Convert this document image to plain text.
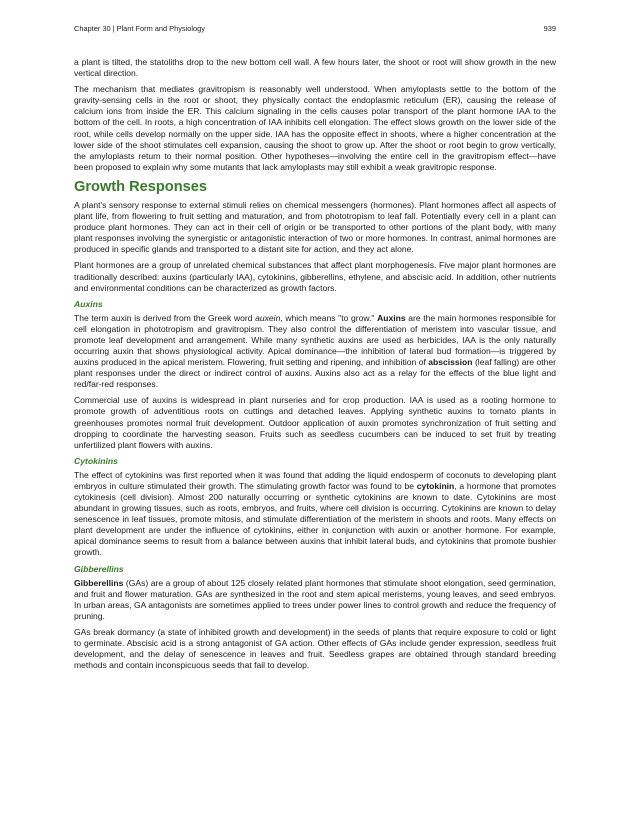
Chapter 30 | Plant Form and Physiology	939

a plant is tilted, the statoliths drop to the new bottom cell wall. A few hours later, the shoot or root will show growth in the new vertical direction.

The mechanism that mediates gravitropism is reasonably well understood. When amyloplasts settle to the bottom of the gravity-sensing cells in the root or shoot, they physically contact the endoplasmic reticulum (ER), causing the release of calcium ions from inside the ER. This calcium signaling in the cells causes polar transport of the plant hormone IAA to the bottom of the cell. In roots, a high concentration of IAA inhibits cell elongation. The effect slows growth on the lower side of the root, while cells develop normally on the upper side. IAA has the opposite effect in shoots, where a higher concentration at the lower side of the shoot stimulates cell expansion, causing the shoot to grow up. After the shoot or root begin to grow vertically, the amyloplasts return to their normal position. Other hypotheses—involving the entire cell in the gravitropism effect—have been proposed to explain why some mutants that lack amyloplasts may still exhibit a weak gravitropic response.

Growth Responses

A plant's sensory response to external stimuli relies on chemical messengers (hormones). Plant hormones affect all aspects of plant life, from flowering to fruit setting and maturation, and from phototropism to leaf fall. Potentially every cell in a plant can produce plant hormones. They can act in their cell of origin or be transported to other portions of the plant body, with many plant responses involving the synergistic or antagonistic interaction of two or more hormones. In contrast, animal hormones are produced in specific glands and transported to a distant site for action, and they act alone.

Plant hormones are a group of unrelated chemical substances that affect plant morphogenesis. Five major plant hormones are traditionally described: auxins (particularly IAA), cytokinins, gibberellins, ethylene, and abscisic acid. In addition, other nutrients and environmental conditions can be characterized as growth factors.

Auxins

The term auxin is derived from the Greek word auxein, which means "to grow." Auxins are the main hormones responsible for cell elongation in phototropism and gravitropism. They also control the differentiation of meristem into vascular tissue, and promote leaf development and arrangement. While many synthetic auxins are used as herbicides, IAA is the only naturally occurring auxin that shows physiological activity. Apical dominance—the inhibition of lateral bud formation—is triggered by auxins produced in the apical meristem. Flowering, fruit setting and ripening, and inhibition of abscission (leaf falling) are other plant responses under the direct or indirect control of auxins. Auxins also act as a relay for the effects of the blue light and red/far-red responses.

Commercial use of auxins is widespread in plant nurseries and for crop production. IAA is used as a rooting hormone to promote growth of adventitious roots on cuttings and detached leaves. Applying synthetic auxins to tomato plants in greenhouses promotes normal fruit development. Outdoor application of auxin promotes synchronization of fruit setting and dropping to coordinate the harvesting season. Fruits such as seedless cucumbers can be induced to set fruit by treating unfertilized plant flowers with auxins.

Cytokinins

The effect of cytokinins was first reported when it was found that adding the liquid endosperm of coconuts to developing plant embryos in culture stimulated their growth. The stimulating growth factor was found to be cytokinin, a hormone that promotes cytokinesis (cell division). Almost 200 naturally occurring or synthetic cytokinins are known to date. Cytokinins are most abundant in growing tissues, such as roots, embryos, and fruits, where cell division is occurring. Cytokinins are known to delay senescence in leaf tissues, promote mitosis, and stimulate differentiation of the meristem in shoots and roots. Many effects on plant development are under the influence of cytokinins, either in conjunction with auxin or another hormone. For example, apical dominance seems to result from a balance between auxins that inhibit lateral buds, and cytokinins that promote bushier growth.

Gibberellins

Gibberellins (GAs) are a group of about 125 closely related plant hormones that stimulate shoot elongation, seed germination, and fruit and flower maturation. GAs are synthesized in the root and stem apical meristems, young leaves, and seed embryos. In urban areas, GA antagonists are sometimes applied to trees under power lines to control growth and reduce the frequency of pruning.

GAs break dormancy (a state of inhibited growth and development) in the seeds of plants that require exposure to cold or light to germinate. Abscisic acid is a strong antagonist of GA action. Other effects of GAs include gender expression, seedless fruit development, and the delay of senescence in leaves and fruit. Seedless grapes are obtained through standard breeding methods and contain inconspicuous seeds that fail to develop.
